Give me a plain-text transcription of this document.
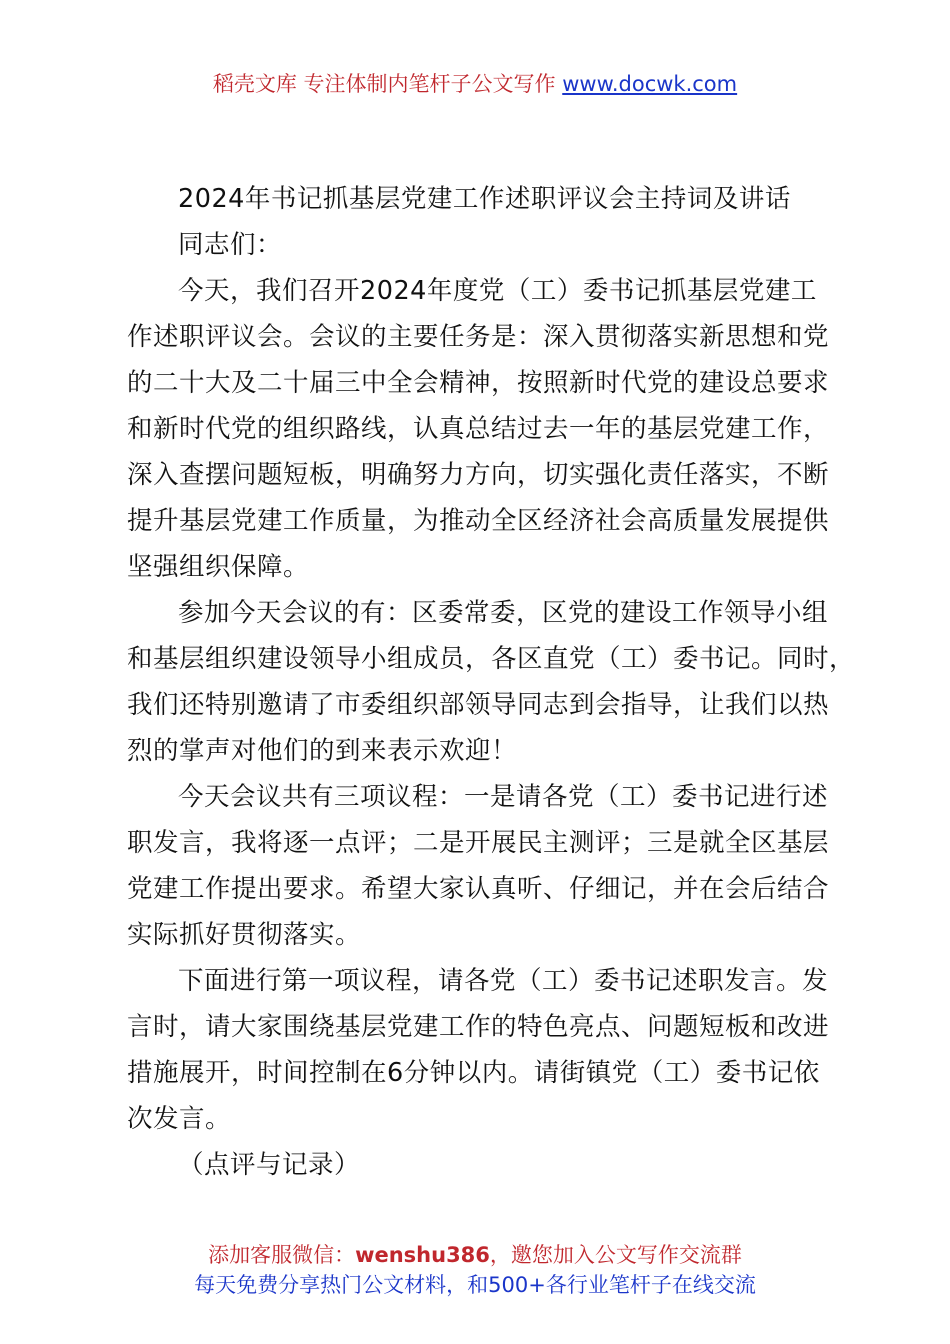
稻壳文库 专注体制内笔杆子公文写作 www.docwk.com
2024年书记抓基层党建工作述职评议会主持词及讲话
同志们：
今天，我们召开2024年度党（工）委书记抓基层党建工
作述职评议会。会议的主要任务是：深入贯彻落实新思想和党
的二十大及二十届三中全会精神，按照新时代党的建设总要求
和新时代党的组织路线，认真总结过去一年的基层党建工作，
深入查摆问题短板，明确努力方向，切实强化责任落实，不断
提升基层党建工作质量，为推动全区经济社会高质量发展提供
坚强组织保障。
参加今天会议的有：区委常委，区党的建设工作领导小组
和基层组织建设领导小组成员，各区直党（工）委书记。同时，
我们还特别邀请了市委组织部领导同志到会指导，让我们以热
烈的掌声对他们的到来表示欢迎！
今天会议共有三项议程：一是请各党（工）委书记进行述
职发言，我将逐一点评；二是开展民主测评；三是就全区基层
党建工作提出要求。希望大家认真听、仔细记，并在会后结合
实际抓好贯彻落实。
下面进行第一项议程，请各党（工）委书记述职发言。发
言时，请大家围绕基层党建工作的特色亮点、问题短板和改进
措施展开，时间控制在6分钟以内。请街镇党（工）委书记依
次发言。
（点评与记录）
添加客服微信：wenshu386，邀您加入公文写作交流群
每天免费分享热门公文材料，和500+各行业笔杆子在线交流
